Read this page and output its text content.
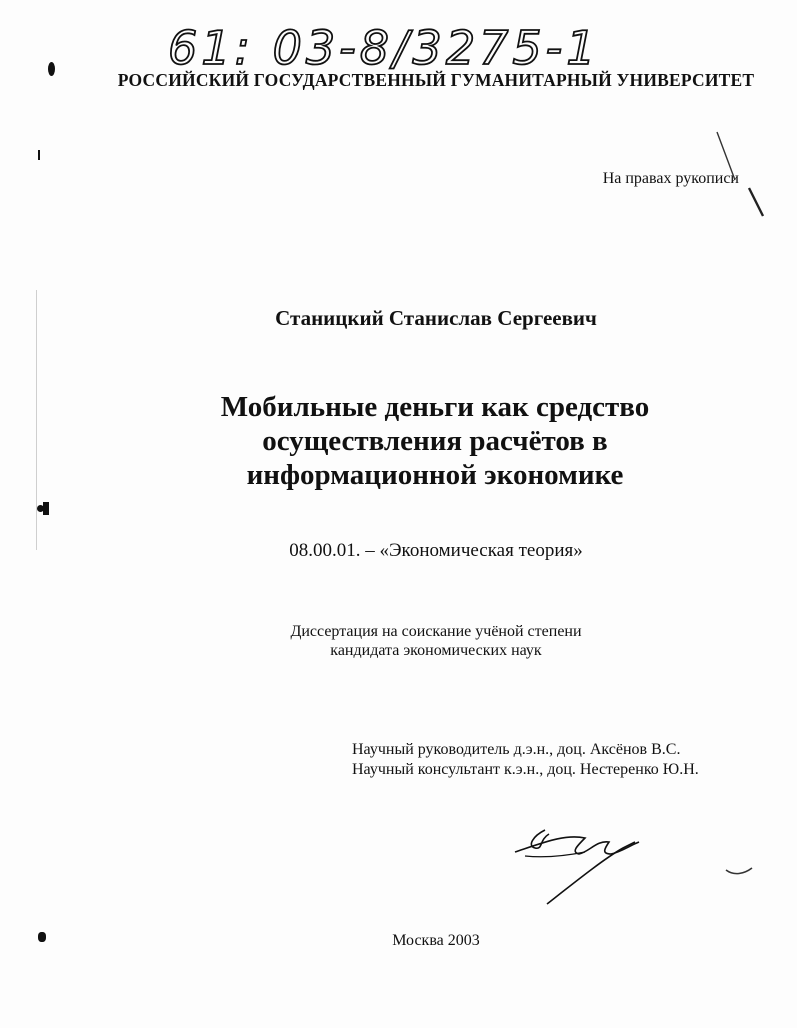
61: 03-8/3275-1
РОССИЙСКИЙ ГОСУДАРСТВЕННЫЙ ГУМАНИТАРНЫЙ УНИВЕРСИТЕТ
На правах рукописи
Станицкий Станислав Сергеевич
Мобильные деньги как средство
осуществления расчётов в
информационной экономике
08.00.01. – «Экономическая теория»
Диссертация на соискание учёной степени
кандидата экономических наук
Научный руководитель д.э.н., доц. Аксёнов В.С.
Научный консультант к.э.н., доц. Нестеренко Ю.Н.
Москва 2003
